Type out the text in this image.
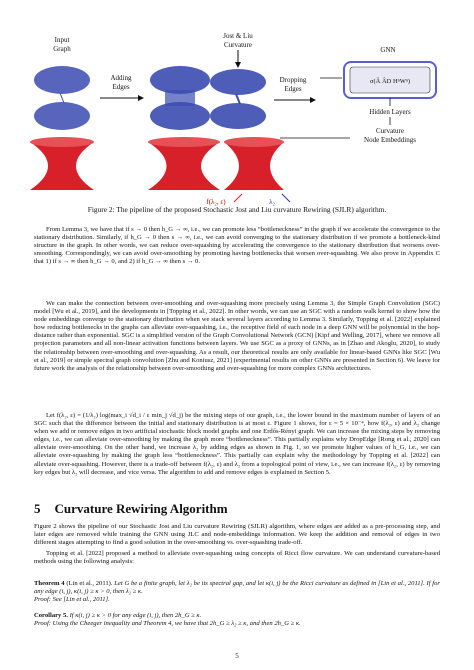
Input
Graph
Adding
Edges
Jost & Liu
Curvature
Dropping
Edges
GNN
σ(Â ÂD HⁿWⁿ)
Hidden Layers
Curvature
Node Embeddings
f(λ₂, ε)	λ₂
Figure 2: The pipeline of the proposed Stochastic Jost and Liu curvature Rewiring (SJLR) algorithm.
From Lemma 3, we have that if s → 0 then h_G → ∞, i.e., we can promote less “bottleneckness” in the graph if we accelerate the convergence to the stationary distribution. Similarly, if h_G → 0 then s → ∞, i.e., we can avoid converging to the stationary distribution if we promote a bottleneck-kind structure in the graph. In other words, we can reduce over-squashing by accelerating the convergence to the stationary distribution that worsens over-smoothing. Correspondingly, we can avoid over-smoothing by promoting having bottlenecks that worsen over-squashing. We also prove in Appendix C that 1) if s → ∞ then h_G → 0, and 2) if h_G → ∞ then s → 0.
We can make the connection between over-smoothing and over-squashing more precisely using Lemma 3, the Simple Graph Convolution (SGC) model [Wu et al., 2019], and the developments in [Topping et al., 2022]. In other words, we can use an SGC with a random walk kernel to show how the node embeddings converge to the stationary distribution when we stack several layers according to Lemma 3. Similarly, Topping et al. [2022] explained how reducing bottlenecks in the graphs can alleviate over-squashing, i.e., the receptive field of each node in a deep GNN will be polynomial in the hop-distance rather than exponential. SGC is a simplified version of the Graph Convolutional Network (GCN) [Kipf and Welling, 2017], where we remove all projection parameters and all non-linear activation functions between layers. We use SGC as a proxy of GNNs, as in [Zhao and Akoglu, 2020], to study the relationship between over-smoothing and over-squashing. As a result, our theoretical results are only available for linear-based GNNs like SGC [Wu et al., 2019] or simple spectral graph convolution [Zhu and Koniusz, 2021] (experimental results on other GNNs are presented in Section 6). We leave for future work the analysis of the relationship between over-smoothing and over-squashing for more complex GNNs architectures.
Let f(λ₂, ε) = (1/λ₂) log(max_i √d_i / ε min_j √d_j) be the mixing steps of our graph, i.e., the lower bound in the maximum number of layers of an SGC such that the difference between the initial and stationary distribution is at most ε. Figure 1 shows, for ε = 5 × 10⁻⁴, how f(λ₂, ε) and λ₂ change when we add or remove edges in two artificial stochastic block model graphs and one Erdős-Rényi graph. We can increase the mixing steps by removing edges, i.e., we can alleviate over-smoothing by making the graph more “bottleneckness”. This partially explains why DropEdge [Rong et al., 2020] can alleviate over-smoothing. On the other hand, we increase λ₂ by adding edges as shown in Fig. 1, so we promote higher values of h_G, i.e., we can alleviate over-squashing by making the graph less “bottleneckness”. This partially can explain why the methodology by Topping et al. [2022] can alleviate over-squashing. However, there is a trade-off between f(λ₂, ε) and λ₂ from a topological point of view, i.e., we can increase f(λ₂, ε) by removing key edges but λ₂ will decrease, and vice versa. The algorithm to add and remove edges is explained in Section 5.
5 Curvature Rewiring Algorithm
Figure 2 shows the pipeline of our Stochastic Jost and Liu curvature Rewiring (SJLR) algorithm, where edges are added as a pre-processing step, and later edges are removed while training the GNN using JLC and node-embeddings information. We keep the addition and removal of edges in two different stages attempting to find a good solution in the over-smoothing vs. over-squashing trade-off.
Topping et al. [2022] proposed a method to alleviate over-squashing using concepts of Ricci flow curvature. We can understand curvature-based methods using the following analysis:
Theorem 4 (Lin et al., 2011). Let G be a finite graph, let λ₂ be its spectral gap, and let κ(i, j) be the Ricci curvature as defined in [Lin et al., 2011]. If for any edge (i, j), κ(i, j) ≥ κ > 0, then λ₂ ≥ κ.
Proof: See [Lin et al., 2011].
Corollary 5. If κ(i, j) ≥ κ > 0 for any edge (i, j), then 2h_G ≥ κ.
Proof: Using the Cheeger inequality and Theorem 4, we have that 2h_G ≥ λ₂ ≥ κ, and then 2h_G ≥ κ.
5
